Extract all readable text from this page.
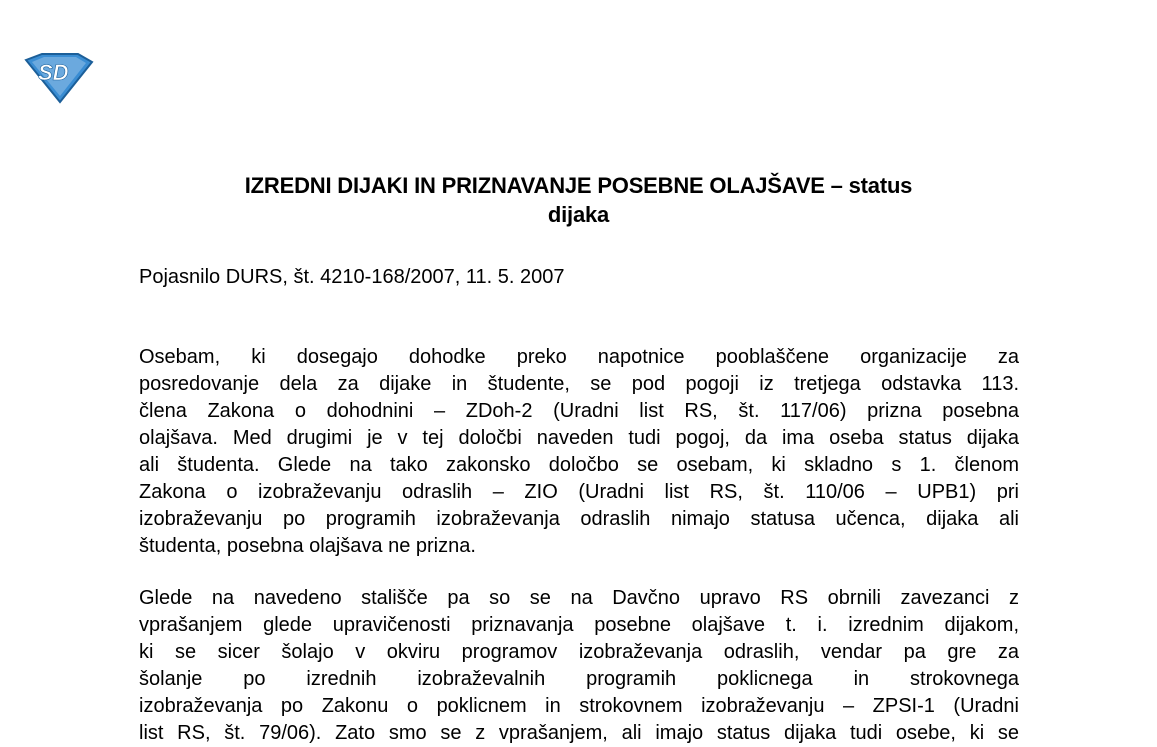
SD
IZREDNI DIJAKI IN PRIZNAVANJE POSEBNE OLAJŠAVE – status
dijaka
Pojasnilo DURS, št. 4210-168/2007, 11. 5. 2007
Osebam, ki dosegajo dohodke preko napotnice pooblaščene organizacije za
posredovanje dela za dijake in študente, se pod pogoji iz tretjega odstavka 113.
člena Zakona o dohodnini – ZDoh-2 (Uradni list RS, št. 117/06) prizna posebna
olajšava. Med drugimi je v tej določbi naveden tudi pogoj, da ima oseba status dijaka
ali študenta. Glede na tako zakonsko določbo se osebam, ki skladno s 1. členom
Zakona o izobraževanju odraslih – ZIO (Uradni list RS, št. 110/06 – UPB1) pri
izobraževanju po programih izobraževanja odraslih nimajo statusa učenca, dijaka ali
študenta, posebna olajšava ne prizna.
Glede na navedeno stališče pa so se na Davčno upravo RS obrnili zavezanci z
vprašanjem glede upravičenosti priznavanja posebne olajšave t. i. izrednim dijakom,
ki se sicer šolajo v okviru programov izobraževanja odraslih, vendar pa gre za
šolanje po izrednih izobraževalnih programih poklicnega in strokovnega
izobraževanja po Zakonu o poklicnem in strokovnem izobraževanju – ZPSI-1 (Uradni
list RS, št. 79/06). Zato smo se z vprašanjem, ali imajo status dijaka tudi osebe, ki se
